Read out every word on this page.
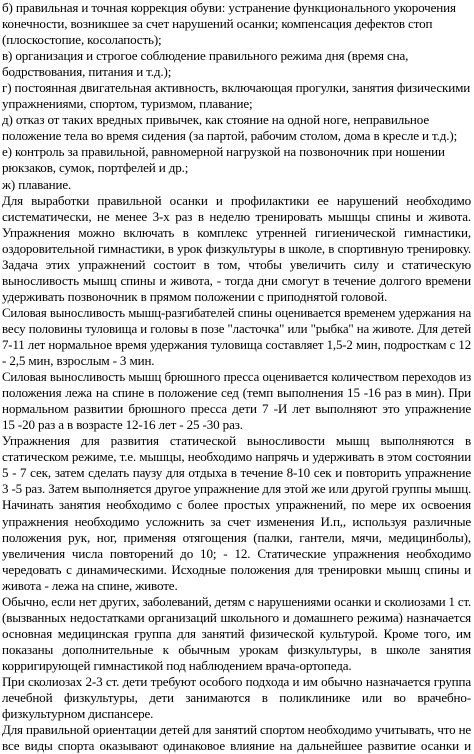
б) правильная и точная коррекция обуви: устранение функционального укорочения
конечности, возникшее за счет нарушений осанки; компенсация дефектов стоп
(плоскостопие, косолапость);
в) организация и строгое соблюдение правильного режима дня (время сна,
бодрствования, питания и т.д.);
г) постоянная двигательная активность, включающая прогулки, занятия физическими
упражнениями, спортом, туризмом, плавание;
д) отказ от таких вредных привычек, как стояние на одной ноге, неправильное
положение тела во время сидения (за партой, рабочим столом, дома в кресле и т.д.);
е) контроль за правильной, равномерной нагрузкой на позвоночник при ношении
рюкзаков, сумок, портфелей и др.;
ж) плавание.
Для выработки правильной осанки и профилактики ее нарушений необходимо
систематически, не менее 3-х раз в неделю тренировать мышцы спины и живота.
Упражнения можно включать в комплекс утренней гигиенической гимнастики,
оздоровительной гимнастики, в урок физкультуры в школе, в спортивную тренировку.
Задача этих упражнений состоит в том, чтобы увеличить силу и статическую
выносливость мышц спины и живота, - тогда дни смогут в течение долгого времени
удерживать позвоночник в прямом положении с приподнятой головой.
Силовая выносливость мышц-разгибателей спины оценивается временем удержания на
весу половины туловища и головы в позе "ласточка" или "рыбка" на животе. Для детей
7-11 лет нормальное время удержания туловища составляет 1,5-2 мин, подросткам с 12
- 2,5 мин, взрослым - 3 мин.
Силовая выносливость мышц брюшного пресса оценивается количеством переходов из
положения лежа на спине в положение сед (темп выполнения 15 -16 раз в мин). При
нормальном развитии брюшного пресса дети 7 -И лет выполняют это упражнение
15 -20 раз а в возрасте 12-16 лет - 25 -30 раз.
Упражнения для развития статической выносливости мышц выполняются в
статическом режиме, т.е. мышцы, необходимо напрячь и удерживать в этом состоянии
5 - 7 сек, затем сделать паузу для отдыха в течение 8-10 сек и повторить упражнение
3 -5 раз. Затем выполняется другое упражнение для этой же или другой группы мышц.
Начинать занятия необходимо с более простых упражнений, по мере их освоения
упражнения необходимо усложнить за счет изменения И.п,, используя различные
положения рук, ног, применяя отягощения (палки, гантели, мячи, медицинболы),
увеличения числа повторений до 10; - 12. Статические упражнения необходимо
чередовать с динамическими. Исходные положения для тренировки мышц спины и
живота - лежа на спине, животе.
Обычно, если нет других, заболеваний, детям с нарушениями осанки и сколиозами 1 ст.
(вызванных недостатками организаций школьного и домашнего режима) назначается
основная медицинская группа для занятий физической культурой. Кроме того, им
показаны дополнительные к обычным урокам физкультуры, в школе занятия
корригирующей гимнастикой под наблюдением врача-ортопеда.
При сколиозах 2-3 ст. дети требуют особого подхода и им обычно назначается группа
лечебной физкультуры, дети занимаются в поликлинике или во врачебно-
физкультурном диспансере.
Для правильной ориентации детей для занятий спортом необходимо учитывать, что не
все виды спорта оказывают одинаковое влияние на дальнейшее развитие осанки и
